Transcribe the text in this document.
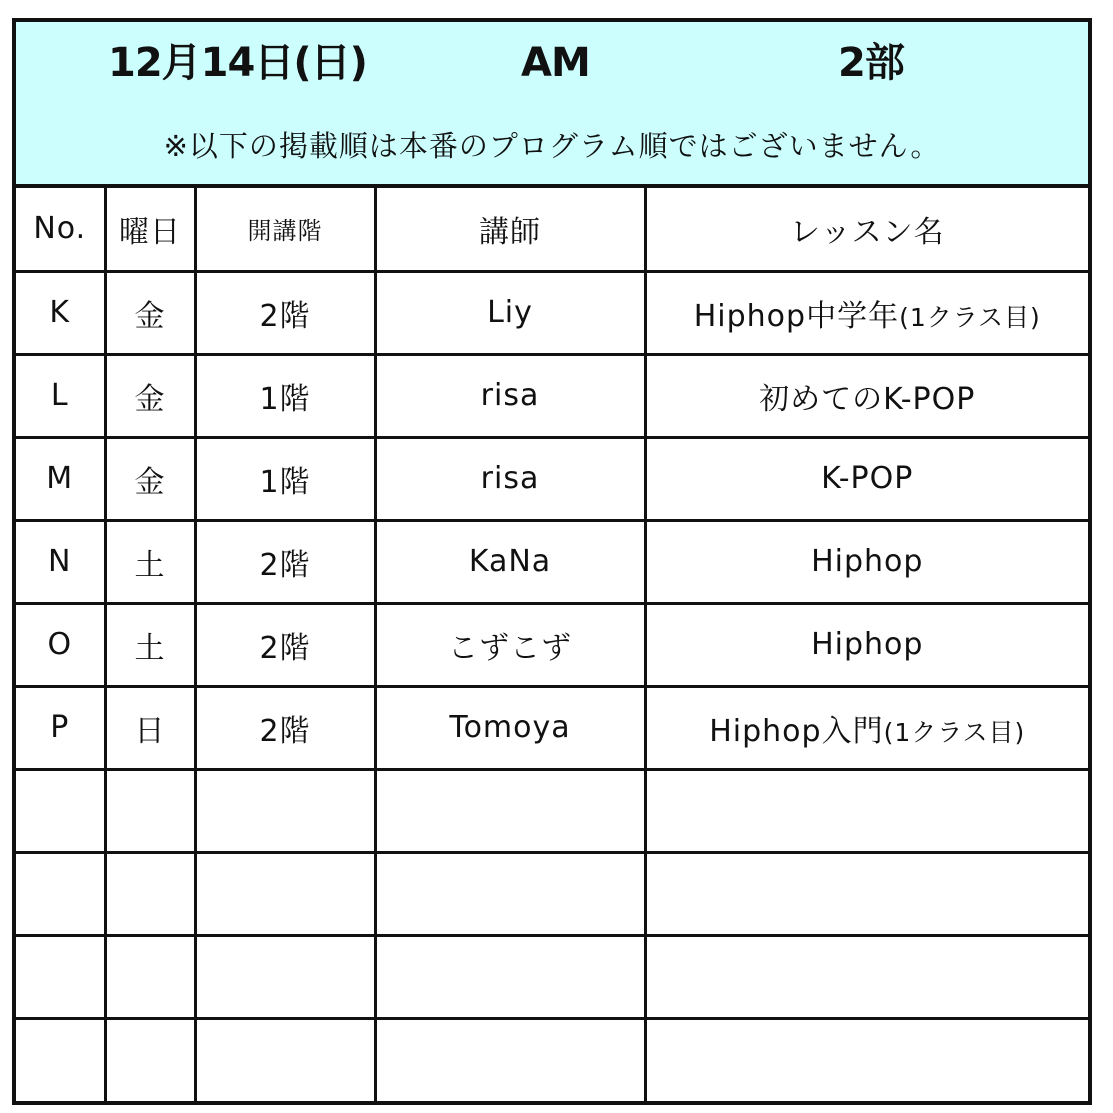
12月14日(日)	AM	2部
※以下の掲載順は本番のプログラム順ではございません。
No.	曜日	開講階	講師	レッスン名
K	金	2階	Liy	Hiphop中学年(1クラス目)
L	金	1階	risa	初めてのK-POP
M	金	1階	risa	K-POP
N	土	2階	KaNa	Hiphop
O	土	2階	こずこず	Hiphop
P	日	2階	Tomoya	Hiphop入門(1クラス目)
